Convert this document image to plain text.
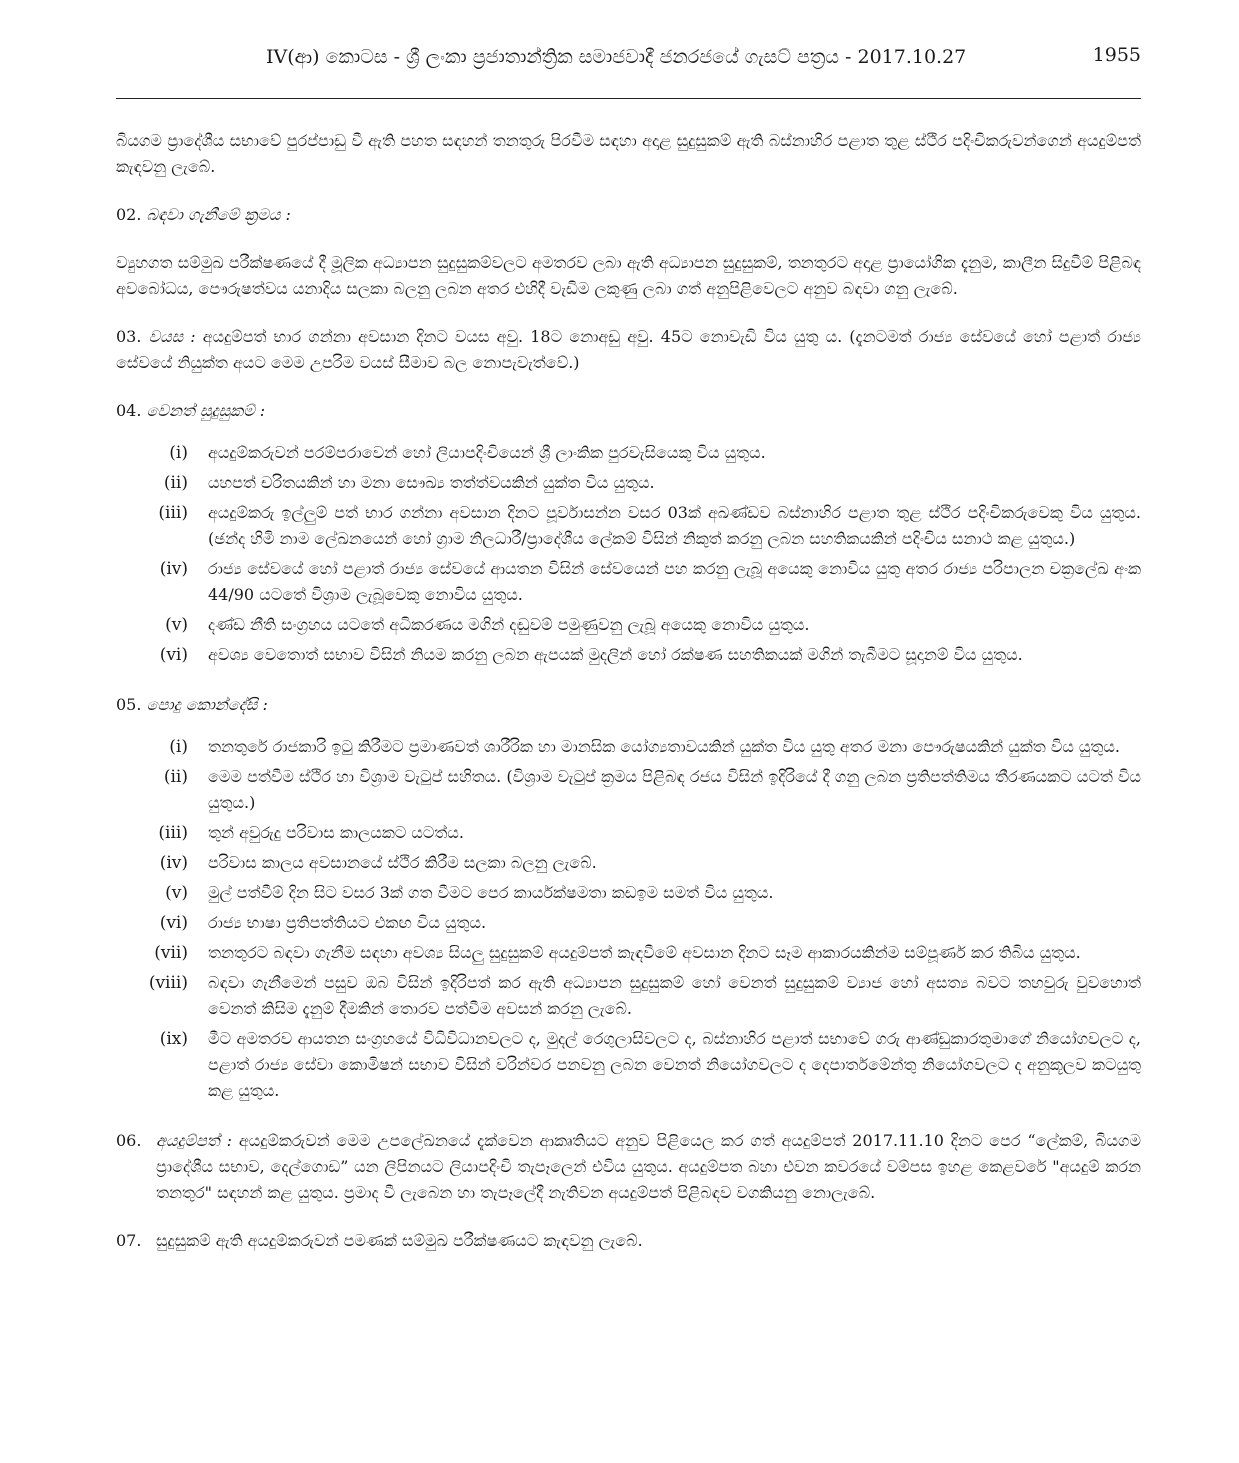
IV(ආ) කොටස - ශ්‍රී ලංකා ප්‍රජාතාන්ත්‍රික සමාජවාදී ජනරජයේ ගැසට් පත්‍රය - 2017.10.27	1955

බියගම ප්‍රාදේශීය සභාවේ පුරප්පාඩු වී ඇති පහත සඳහන් තනතුරු පිරවීම සඳහා අදාළ සුදුසුකම් ඇති බස්නාහිර පළාත තුළ ස්ථිර පදිංචිකරුවන්ගෙන් අයදුම්පත් කැඳවනු ලැබේ.

02. බඳවා ගැනීමේ ක්‍රමය :

ව්‍යුහගත සම්මුඛ පරීක්ෂණයේ දී මූලික අධ්‍යාපන සුදුසුකම්වලට අමතරව ලබා ඇති අධ්‍යාපන සුදුසුකම්, තනතුරට අදාළ ප්‍රායෝගික දැනුම, කාලීන සිදුවීම් පිළිබඳ අවබෝධය, පෞරුෂත්වය යනාදිය සලකා බලනු ලබන අතර එහිදී වැඩිම ලකුණු ලබා ගත් අනුපිළිවෙලට අනුව බඳවා ගනු ලැබේ.

03. වයස : අයදුම්පත් භාර ගන්නා අවසාන දිනට වයස අවු. 18ට නොඅඩු අවු. 45ට නොවැඩි විය යුතු ය. (දැනටමත් රාජ්‍ය සේවයේ හෝ පළාත් රාජ්‍ය සේවයේ නියුක්ත අයට මෙම උපරිම වයස් සීමාව බල නොපැවැත්වේ.)

04. වෙනත් සුදුසුකම් :
(i) අයදුම්කරුවන් පරම්පරාවෙන් හෝ ලියාපදිංචියෙන් ශ්‍රී ලාංකික පුරවැසියෙකු විය යුතුය.
(ii) යහපත් චරිතයකින් හා මනා සෞඛ්‍ය තත්ත්වයකින් යුක්ත විය යුතුය.
(iii) අයදුම්කරු ඉල්ලුම් පත් භාර ගන්නා අවසාන දිනට පූර්වාසන්න වසර 03ක් අඛණ්ඩව බස්නාහිර පළාත තුළ ස්ථිර පදිංචිකරුවෙකු විය යුතුය. (ඡන්ද හිමි නාම ලේඛනයෙන් හෝ ග්‍රාම නිලධාරී/ප්‍රාදේශීය ලේකම් විසින් නිකුත් කරනු ලබන සහතිකයකින් පදිංචිය සනාථ කළ යුතුය.)
(iv) රාජ්‍ය සේවයේ හෝ පළාත් රාජ්‍ය සේවයේ ආයතන විසින් සේවයෙන් පහ කරනු ලැබූ අයෙකු නොවිය යුතු අතර රාජ්‍ය පරිපාලන චක්‍රලේඛ අංක 44/90 යටතේ විශ්‍රාම ලැබූවෙකු නොවිය යුතුය.
(v) දණ්ඩ නීති සංග්‍රහය යටතේ අධිකරණය මගින් දඬුවම් පමුණුවනු ලැබූ අයෙකු නොවිය යුතුය.
(vi) අවශ්‍ය වෙතොත් සභාව විසින් නියම කරනු ලබන ඇපයක් මුදලින් හෝ රක්ෂණ සහතිකයක් මගින් තැබීමට සූදානම් විය යුතුය.
05. පොදු කොන්දේසි :
(i) තනතුරේ රාජකාරි ඉටු කිරීමට ප්‍රමාණවත් ශාරීරික හා මානසික යෝග්‍යතාවයකින් යුක්ත විය යුතු අතර මනා පෞරුෂයකින් යුක්ත විය යුතුය.
(ii) මෙම පත්වීම ස්ථිර හා විශ්‍රාම වැටුප් සහිතය. (විශ්‍රාම වැටුප් ක්‍රමය පිළිබඳ රජය විසින් ඉදිරියේ දී ගනු ලබන ප්‍රතිපත්තිමය තීරණයකට යටත් විය යුතුය.)
(iii) තුන් අවුරුදු පරිවාස කාලයකට යටත්ය.
(iv) පරිවාස කාලය අවසානයේ ස්ථිර කිරීම සලකා බලනු ලැබේ.
(v) මුල් පත්වීම් දින සිට වසර 3ක් ගත වීමට පෙර කාර්යක්ෂමතා කඩඉම සමත් විය යුතුය.
(vi) රාජ්‍ය භාෂා ප්‍රතිපත්තියට එකඟ විය යුතුය.
(vii) තනතුරට බඳවා ගැනීම සඳහා අවශ්‍ය සියලු සුදුසුකම් අයදුම්පත් කැඳවීමේ අවසාන දිනට සෑම ආකාරයකින්ම සම්පූර්ණ කර තිබිය යුතුය.
(viii) බඳවා ගැනීමෙන් පසුව ඔබ විසින් ඉදිරිපත් කර ඇති අධ්‍යාපන සුදුසුකම් හෝ වෙනත් සුදුසුකම් ව්‍යාජ හෝ අසත්‍ය බවට තහවුරු වුවහොත් වෙනත් කිසිම දැනුම් දීමකින් තොරව පත්වීම අවසන් කරනු ලැබේ.
(ix) මීට අමතරව ආයතන සංග්‍රහයේ විධිවිධානවලට ද, මුදල් රෙගුලාසිවලට ද, බස්නාහිර පළාත් සභාවේ ගරු ආණ්ඩුකාරතුමාගේ නියෝගවලට ද, පළාත් රාජ්‍ය සේවා කොමිෂන් සභාව විසින් වරින්වර පනවනු ලබන වෙනත් නියෝගවලට ද දෙපාර්තමේන්තු නියෝගවලට ද අනුකූලව කටයුතු කළ යුතුය.
06. අයදුම්පත් : අයදුම්කරුවන් මෙම උපලේඛනයේ දැක්වෙන ආකෘතියට අනුව පිළියෙල කර ගත් අයදුම්පත් 2017.11.10 දිනට පෙර “ලේකම්, බියගම ප්‍රාදේශීය සභාව, දෙල්ගොඩ” යන ලිපිනයට ලියාපදිංචි තැපෑලෙන් එවිය යුතුය. අයදුම්පත බහා එවන කවරයේ වම්පස ඉහළ කෙළවරේ "අයදුම් කරන තනතුර" සඳහන් කළ යුතුය. ප්‍රමාද වී ලැබෙන හා තැපෑලේදී නැතිවන අයදුම්පත් පිළිබඳව වගකියනු නොලැබේ.
07. සුදුසුකම් ඇති අයදුම්කරුවන් පමණක් සම්මුඛ පරීක්ෂණයට කැඳවනු ලැබේ.
